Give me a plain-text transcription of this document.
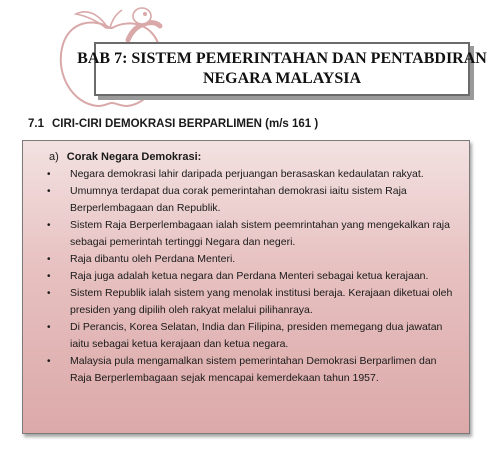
BAB 7: SISTEM PEMERINTAHAN DAN PENTABDIRAN
NEGARA MALAYSIA
7.1 CIRI-CIRI DEMOKRASI BERPARLIMEN (m/s 161 )
a) Corak Negara Demokrasi:
• Negara demokrasi lahir daripada perjuangan berasaskan kedaulatan rakyat.
• Umumnya terdapat dua corak pemerintahan demokrasi iaitu sistem Raja Berperlembagaan dan Republik.
• Sistem Raja Berperlembagaan ialah sistem peemrintahan yang mengekalkan raja sebagai pemerintah tertinggi Negara dan negeri.
• Raja dibantu oleh Perdana Menteri.
• Raja juga adalah ketua negara dan Perdana Menteri sebagai ketua kerajaan.
• Sistem Republik ialah sistem yang menolak institusi beraja. Kerajaan diketuai oleh presiden yang dipilih oleh rakyat melalui pilihanraya.
• Di Perancis, Korea Selatan, India dan Filipina, presiden memegang dua jawatan iaitu sebagai ketua kerajaan dan ketua negara.
• Malaysia pula mengamalkan sistem pemerintahan Demokrasi Berparlimen dan Raja Berperlembagaan sejak mencapai kemerdekaan tahun 1957.
